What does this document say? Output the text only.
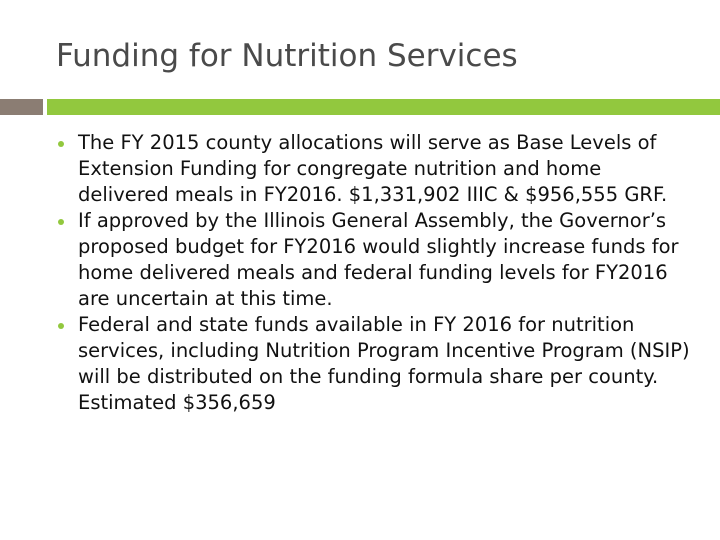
Funding for Nutrition Services
The FY 2015 county allocations will serve as Base Levels of Extension Funding for congregate nutrition and home delivered meals in FY2016. $1,331,902 IIIC & $956,555 GRF.
If approved by the Illinois General Assembly, the Governor’s proposed budget for FY2016 would slightly increase funds for home delivered meals and federal funding levels for FY2016 are uncertain at this time.
Federal and state funds available in FY 2016 for nutrition services, including Nutrition Program Incentive Program (NSIP) will be distributed on the funding formula share per county. Estimated $356,659
